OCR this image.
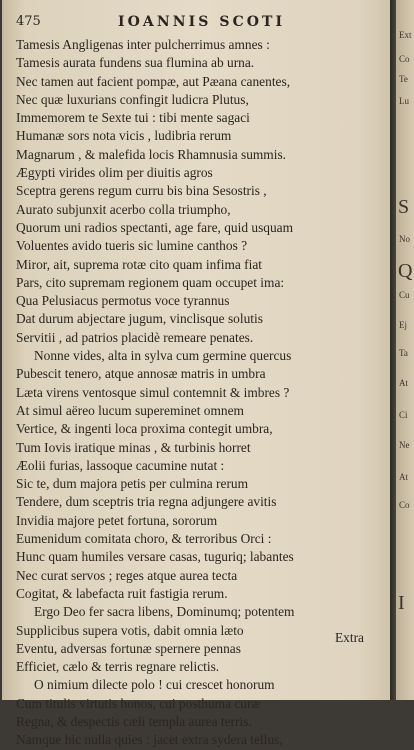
475	IOANNIS SCOTI
Tamesis Angligenas inter pulcherrimus amnes :
Tamesis aurata fundens sua flumina ab urna.
Nec tamen aut facient pompæ, aut Pæana canentes,
Nec quæ luxurians confingit ludicra Plutus,
Immemorem te Sexte tui : tibi mente sagaci
Humanæ sors nota vicis , ludibria rerum
Magnarum , & malefida locis Rhamnusia summis.
Ægypti virides olim per diuitis agros
Sceptra gerens regum curru bis bina Sesostris ,
Aurato subjunxit acerbo colla triumpho,
Quorum uni radios spectanti, age fare, quid usquam
Voluentes avido tueris sic lumine canthos ?
Miror, ait, suprema rotæ cito quam infima fiat
Pars, cito supremam regionem quam occupet ima:
Qua Pelusiacus permotus voce tyrannus
Dat durum abjectare jugum, vinclisque solutis
Servitii , ad patrios placidè remeare penates.
Nonne vides, alta in sylva cum germine quercus
Pubescit tenero, atque annosæ matris in umbra
Læta virens ventosque simul contemnit & imbres ?
At simul aëreo lucum supereminet omnem
Vertice, & ingenti loca proxima contegit umbra,
Tum Iovis iratique minas , & turbinis horret
Æolii furias, lassoque cacumine nutat :
Sic te, dum majora petis per culmina rerum
Tendere, dum sceptris tria regna adjungere avitis
Invidia majore petet fortuna, sororum
Eumenidum comitata choro, & terroribus Orci :
Hunc quam humiles versare casas, tuguriq; labantes
Nec curat servos ; reges atque aurea tecta
Cogitat, & labefacta ruit fastigia rerum.
Ergo Deo fer sacra libens, Dominumq; potentem
Supplicibus supera votis, dabit omnia læto
Eventu, adversas fortunæ spernere pennas
Efficiet, cælo & terris regnare relictis.
O nimium dilecte polo ! cui crescet honorum
Cum titulis virtutis honos, cui posthuma curæ
Regna, & despectis cæli templa aurea terris.
Namque hic nulla quies : jacet extra sydera tellus,
Extra
Ext
Co
Te
Lu
S
No
Q
Cu
Ej
Ta
At
Ci
Ne
At
Co
I
